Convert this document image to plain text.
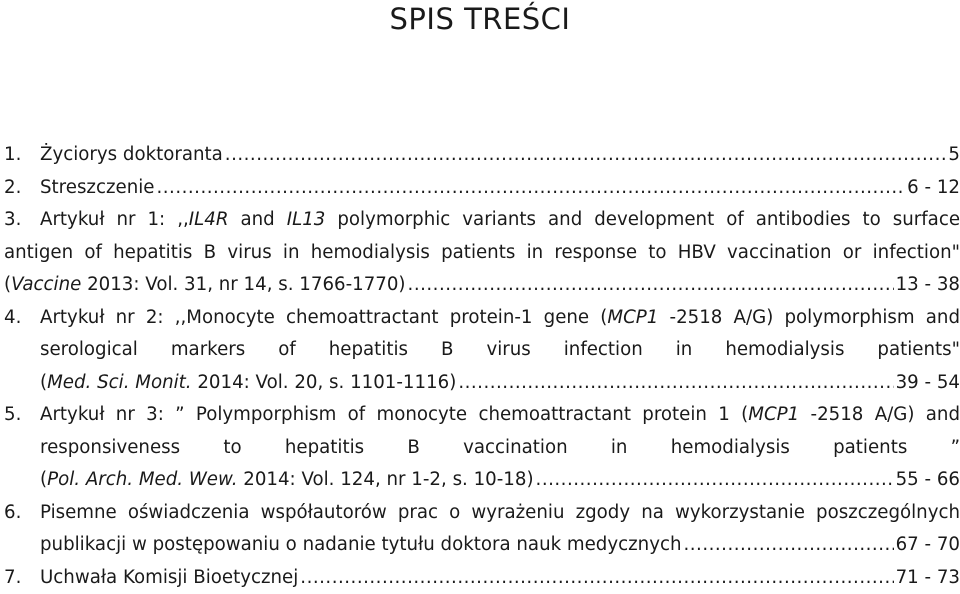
SPIS TREŚCI
1.	Życiorys doktoranta .....	5
2.	Streszczenie .....	6 - 12
3.	Artykuł nr 1: ,,IL4R and IL13 polymorphic variants and development of antibodies to surface
antigen of hepatitis B virus in hemodialysis patients in response to HBV vaccination or infection"
(Vaccine 2013: Vol. 31, nr 14, s. 1766-1770) .....	13 - 38
4.	Artykuł nr 2: ,,Monocyte chemoattractant protein-1 gene (MCP1 -2518 A/G) polymorphism and
serological markers of hepatitis B virus infection in hemodialysis patients"
(Med. Sci. Monit. 2014: Vol. 20, s. 1101-1116) .....	39 - 54
5.	Artykuł nr 3: ” Polymporphism of monocyte chemoattractant protein 1 (MCP1 -2518 A/G) and
responsiveness to hepatitis B vaccination in hemodialysis patients ”
(Pol. Arch. Med. Wew. 2014: Vol. 124, nr 1-2, s. 10-18) .....	55 - 66
6.	Pisemne oświadczenia współautorów prac o wyrażeniu zgody na wykorzystanie poszczególnych
publikacji w postępowaniu o nadanie tytułu doktora nauk medycznych .....	67 - 70
7.	Uchwała Komisji Bioetycznej .....	71 - 73
